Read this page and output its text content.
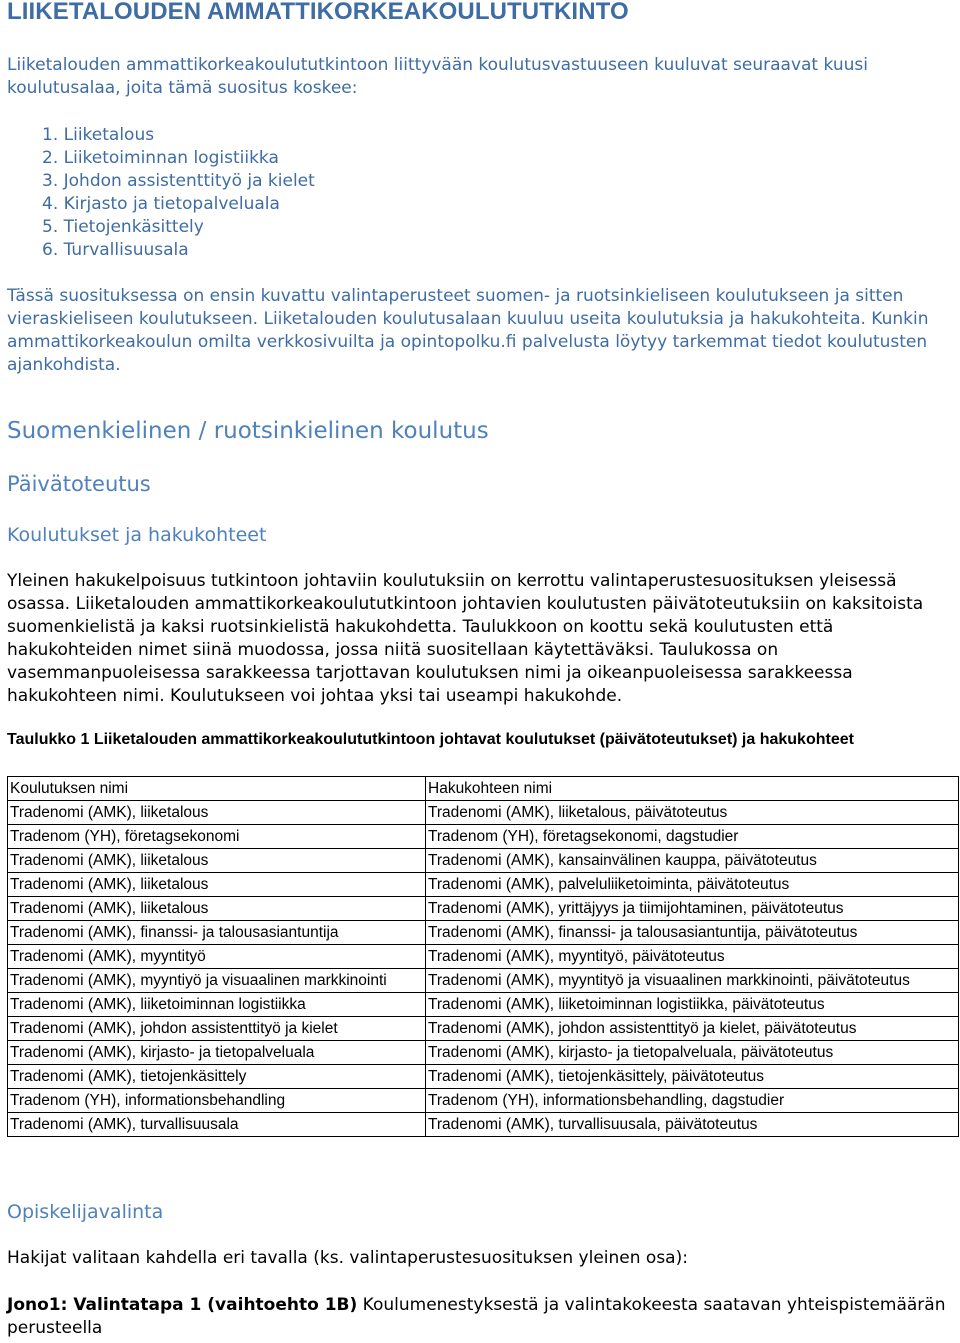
LIIKETALOUDEN AMMATTIKORKEAKOULUTUTKINTO
Liiketalouden ammattikorkeakoulututkintoon liittyvään koulutusvastuuseen kuuluvat seuraavat kuusi koulutusalaa, joita tämä suositus koskee:
1. Liiketalous
2. Liiketoiminnan logistiikka
3. Johdon assistenttityö ja kielet
4. Kirjasto ja tietopalveluala
5. Tietojenkäsittely
6. Turvallisuusala
Tässä suosituksessa on ensin kuvattu valintaperusteet suomen- ja ruotsinkieliseen koulutukseen ja sitten vieraskieliseen koulutukseen. Liiketalouden koulutusalaan kuuluu useita koulutuksia ja hakukohteita. Kunkin ammattikorkeakoulun omilta verkkosivuilta ja opintopolku.fi palvelusta löytyy tarkemmat tiedot koulutusten ajankohdista.
Suomenkielinen / ruotsinkielinen koulutus
Päivätoteutus
Koulutukset ja hakukohteet
Yleinen hakukelpoisuus tutkintoon johtaviin koulutuksiin on kerrottu valintaperustesuosituksen yleisessä osassa. Liiketalouden ammattikorkeakoulututkintoon johtavien koulutusten päivätoteutuksiin on kaksitoista suomenkielistä ja kaksi ruotsinkielistä hakukohdetta. Taulukkoon on koottu sekä koulutusten että hakukohteiden nimet siinä muodossa, jossa niitä suositellaan käytettäväksi. Taulukossa on vasemmanpuoleisessa sarakkeessa tarjottavan koulutuksen nimi ja oikeanpuoleisessa sarakkeessa hakukohteen nimi. Koulutukseen voi johtaa yksi tai useampi hakukohde.
Taulukko 1 Liiketalouden ammattikorkeakoulututkintoon johtavat koulutukset (päivätoteutukset) ja hakukohteet
Koulutuksen nimi	Hakukohteen nimi
Tradenomi (AMK), liiketalous	Tradenomi (AMK), liiketalous, päivätoteutus
Tradenom (YH), företagsekonomi	Tradenom (YH), företagsekonomi, dagstudier
Tradenomi (AMK), liiketalous	Tradenomi (AMK), kansainvälinen kauppa, päivätoteutus
Tradenomi (AMK), liiketalous	Tradenomi (AMK), palveluliiketoiminta, päivätoteutus
Tradenomi (AMK), liiketalous	Tradenomi (AMK), yrittäjyys ja tiimijohtaminen, päivätoteutus
Tradenomi (AMK), finanssi- ja talousasiantuntija	Tradenomi (AMK), finanssi- ja talousasiantuntija, päivätoteutus
Tradenomi (AMK), myyntityö	Tradenomi (AMK), myyntityö, päivätoteutus
Tradenomi (AMK), myyntiyö ja visuaalinen markkinointi	Tradenomi (AMK), myyntityö ja visuaalinen markkinointi, päivätoteutus
Tradenomi (AMK), liiketoiminnan logistiikka	Tradenomi (AMK), liiketoiminnan logistiikka, päivätoteutus
Tradenomi (AMK), johdon assistenttityö ja kielet	Tradenomi (AMK), johdon assistenttityö ja kielet, päivätoteutus
Tradenomi (AMK), kirjasto- ja tietopalveluala	Tradenomi (AMK), kirjasto- ja tietopalveluala, päivätoteutus
Tradenomi (AMK), tietojenkäsittely	Tradenomi (AMK), tietojenkäsittely, päivätoteutus
Tradenom (YH), informationsbehandling	Tradenom (YH), informationsbehandling, dagstudier
Tradenomi (AMK), turvallisuusala	Tradenomi (AMK), turvallisuusala, päivätoteutus
Opiskelijavalinta
Hakijat valitaan kahdella eri tavalla (ks. valintaperustesuosituksen yleinen osa):
Jono1: Valintatapa 1 (vaihtoehto 1B) Koulumenestyksestä ja valintakokeesta saatavan yhteispistemäärän perusteella
